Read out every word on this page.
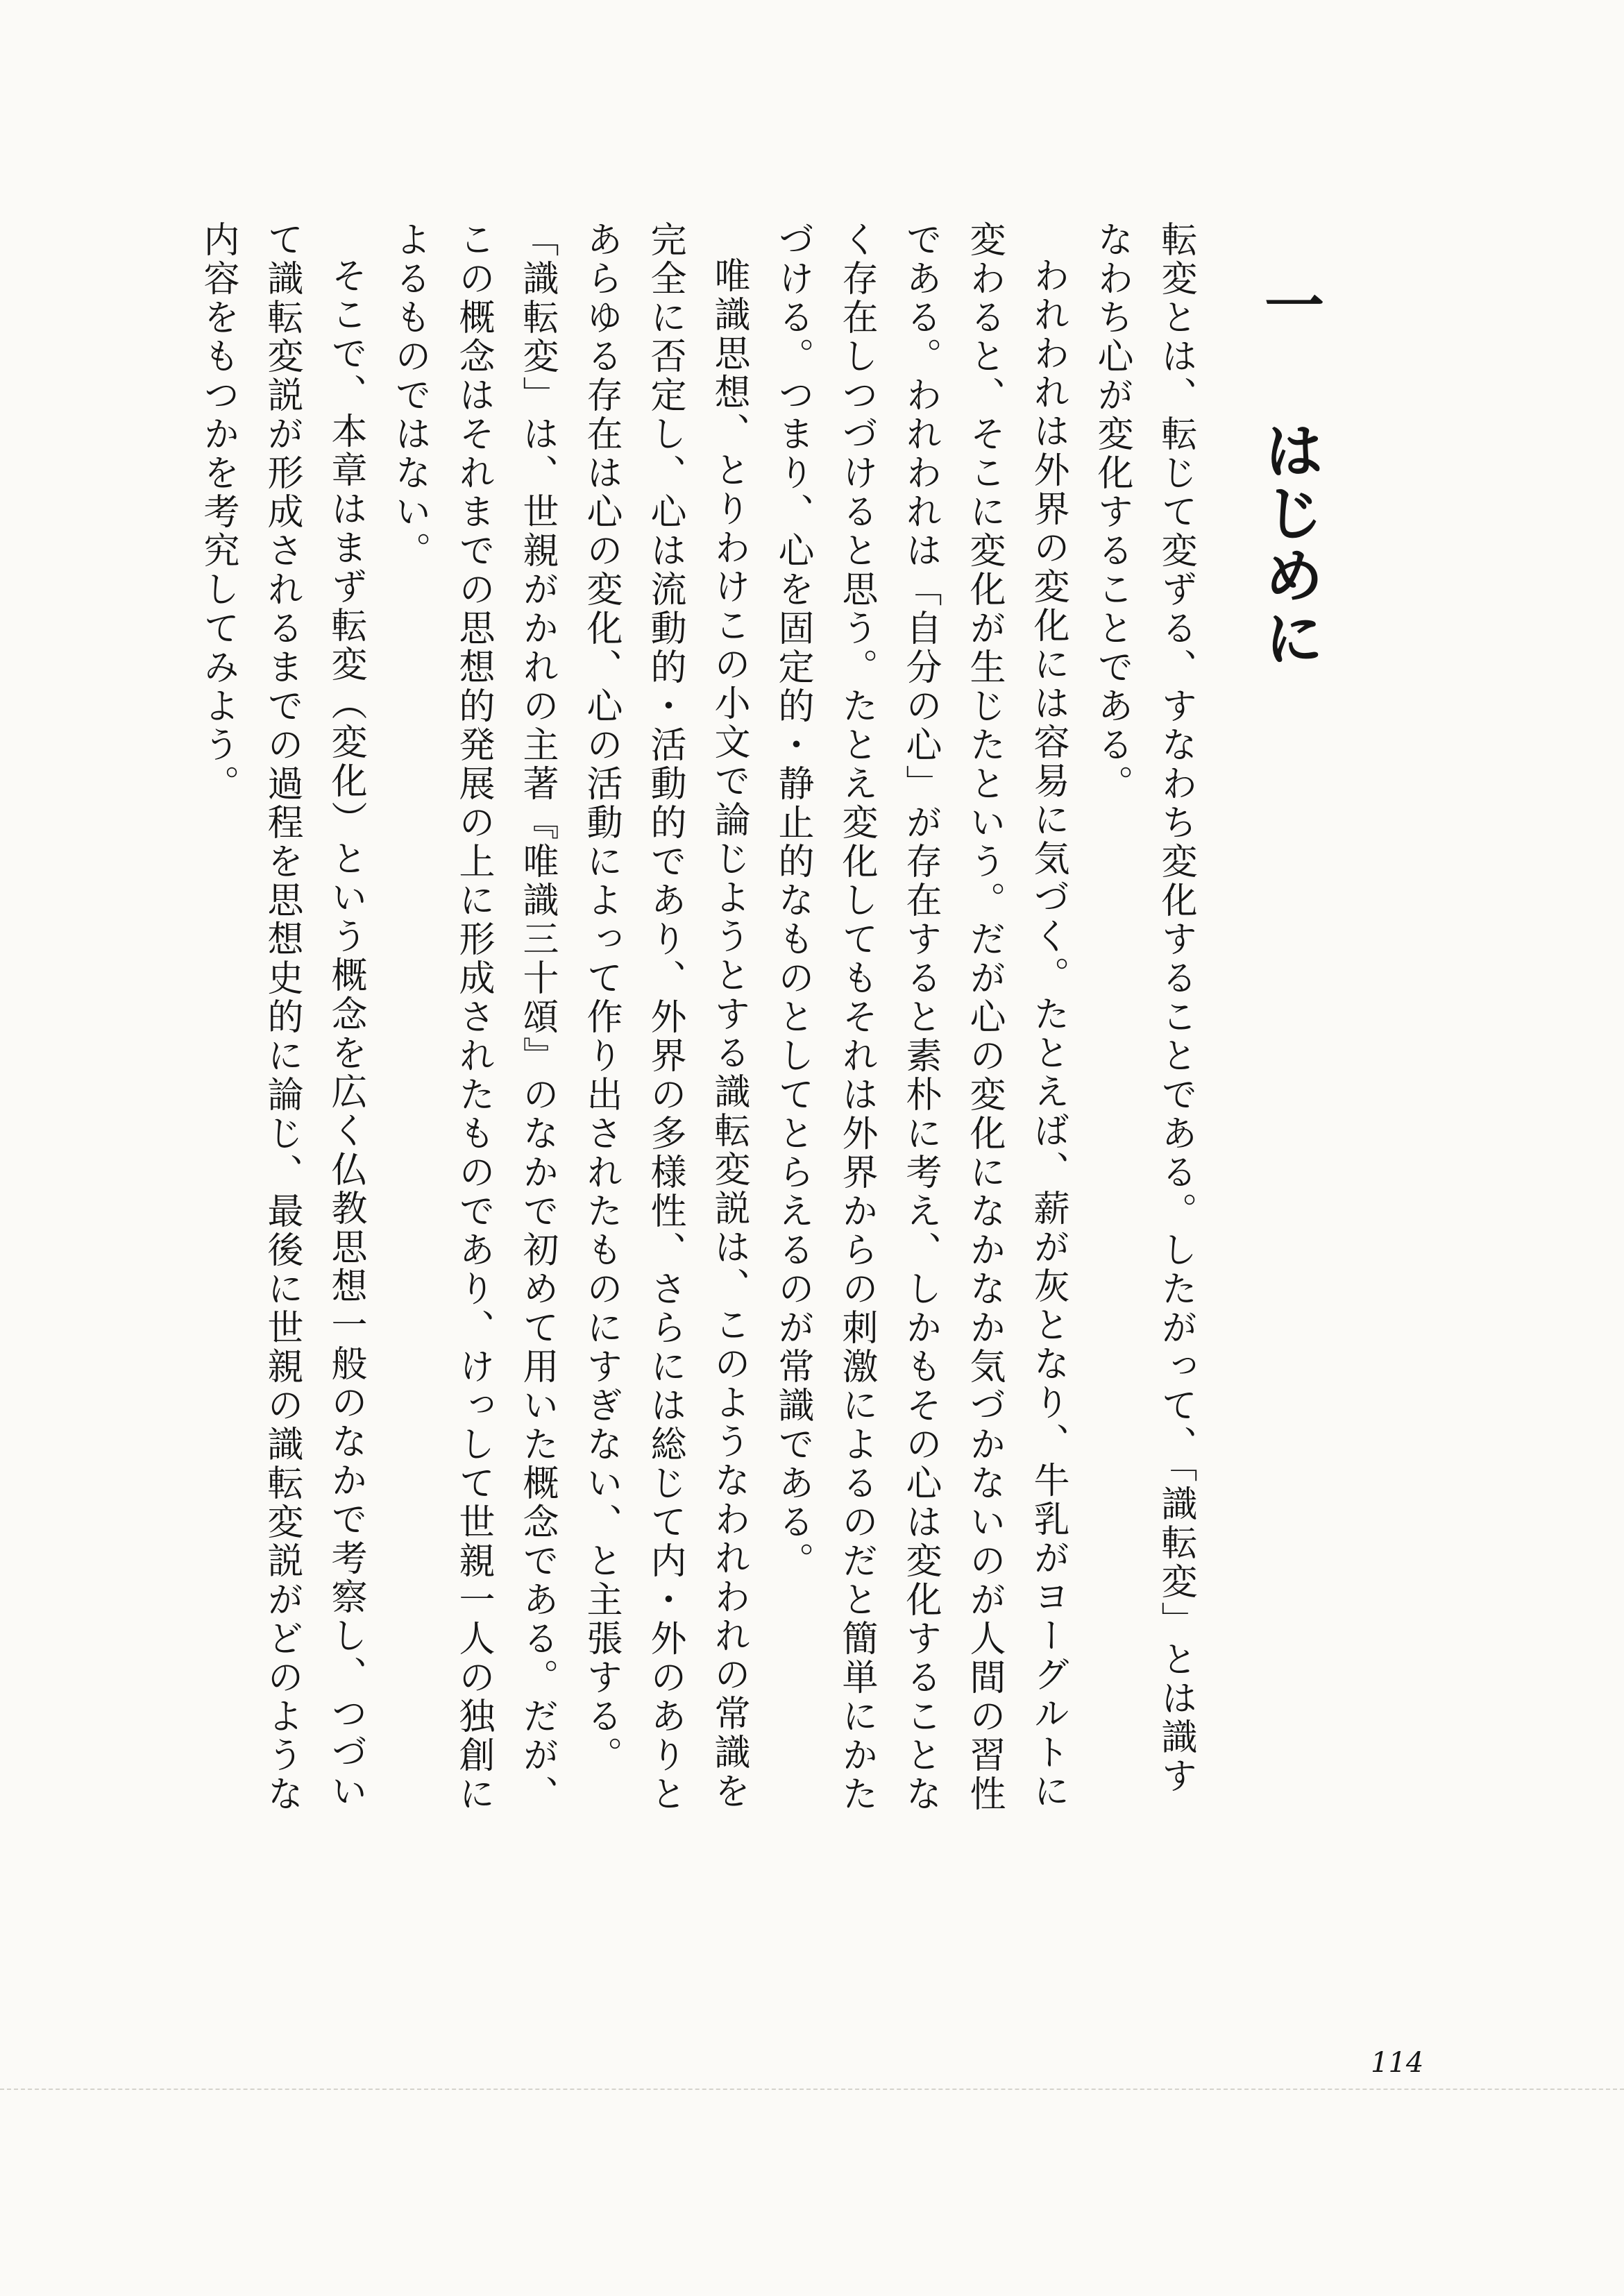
一
はじめに

転変とは、転じて変ずる、すなわち変化することである。したがって、「識転変」とは識すなわち心が変化することである。

われわれは外界の変化には容易に気づく。たとえば、薪が灰となり、牛乳がヨーグルトに変わると、そこに変化が生じたという。だが心の変化になかなか気づかないのが人間の習性である。われわれは「自分の心」が存在すると素朴に考え、しかもその心は変化することなく存在しつづけると思う。たとえ変化してもそれは外界からの刺激によるのだと簡単にかたづける。つまり、心を固定的・静止的なものとしてとらえるのが常識である。

唯識思想、とりわけこの小文で論じようとする識転変説は、このようなわれわれの常識を完全に否定し、心は流動的・活動的であり、外界の多様性、さらには総じて内・外のありとあらゆる存在は心の変化、心の活動によって作り出されたものにすぎない、と主張する。

「識転変」は、世親がかれの主著『唯識三十頌』のなかで初めて用いた概念である。だが、この概念はそれまでの思想的発展の上に形成されたものであり、けっして世親一人の独創によるものではない。

そこで、本章はまず転変（変化）という概念を広く仏教思想一般のなかで考察し、つづいて識転変説が形成されるまでの過程を思想史的に論じ、最後に世親の識転変説がどのような内容をもつかを考究してみよう。

114
